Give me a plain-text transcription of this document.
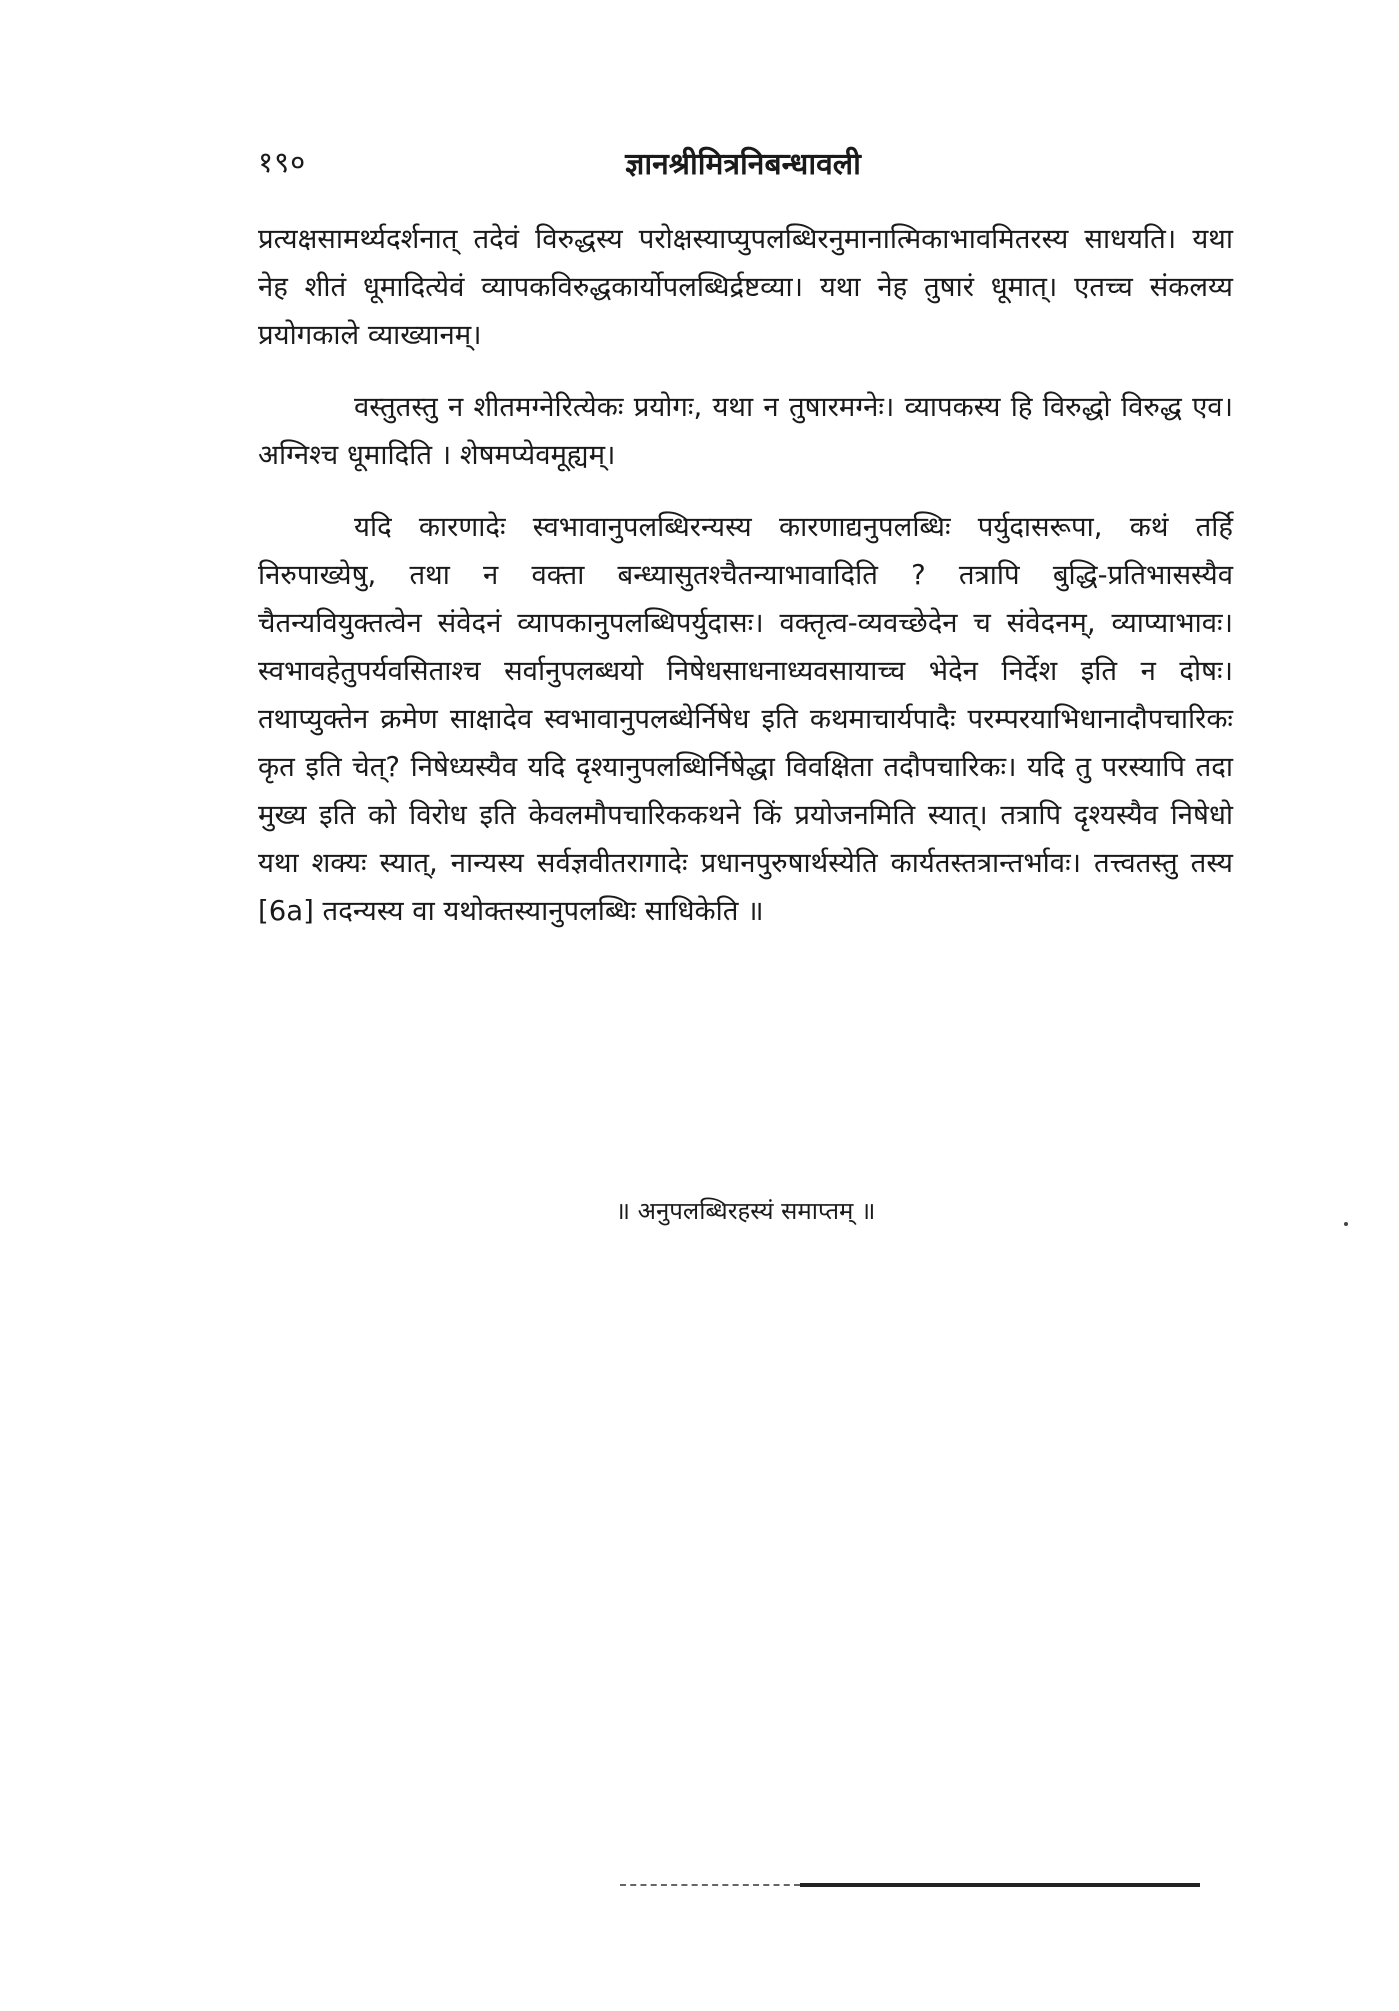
१९०	ज्ञानश्रीमित्रनिबन्धावली

प्रत्यक्षसामर्थ्यदर्शनात् तदेवं विरुद्धस्य परोक्षस्याप्युपलब्धिरनुमानात्मिकाभावमितरस्य साधयति। यथा नेह शीतं धूमादित्येवं व्यापकविरुद्धकार्योपलब्धिर्द्रष्टव्या। यथा नेह तुषारं धूमात्। एतच्च संकलय्य प्रयोगकाले व्याख्यानम्।

वस्तुतस्तु न शीतमग्नेरित्येकः प्रयोगः, यथा न तुषारमग्नेः। व्यापकस्य हि विरुद्धो विरुद्ध एव। अग्निश्च धूमादिति । शेषमप्येवमूह्यम्।

यदि कारणादेः स्वभावानुपलब्धिरन्यस्य कारणाद्यनुपलब्धिः पर्युदासरूपा, कथं तर्हि निरुपाख्येषु, तथा न वक्ता बन्ध्यासुतश्चैतन्याभावादिति ? तत्रापि बुद्धि-प्रतिभासस्यैव चैतन्यवियुक्तत्वेन संवेदनं व्यापकानुपलब्धिपर्युदासः। वक्तृत्व-व्यवच्छेदेन च संवेदनम्, व्याप्याभावः। स्वभावहेतुपर्यवसिताश्च सर्वानुपलब्धयो निषेधसाधनाध्यवसायाच्च भेदेन निर्देश इति न दोषः। तथाप्युक्तेन क्रमेण साक्षादेव स्वभावानुपलब्धेर्निषेध इति कथमाचार्यपादैः परम्परयाभिधानादौपचारिकः कृत इति चेत्? निषेध्यस्यैव यदि दृश्यानुपलब्धिर्निषेद्धा विवक्षिता तदौपचारिकः। यदि तु परस्यापि तदा मुख्य इति को विरोध इति केवलमौपचारिककथने किं प्रयोजनमिति स्यात्। तत्रापि दृश्यस्यैव निषेधो यथा शक्यः स्यात्, नान्यस्य सर्वज्ञवीतरागादेः प्रधानपुरुषार्थस्येति कार्यतस्तत्रान्तर्भावः। तत्त्वतस्तु तस्य [6a] तदन्यस्य वा यथोक्तस्यानुपलब्धिः साधिकेति ॥

॥ अनुपलब्धिरहस्यं समाप्तम् ॥
